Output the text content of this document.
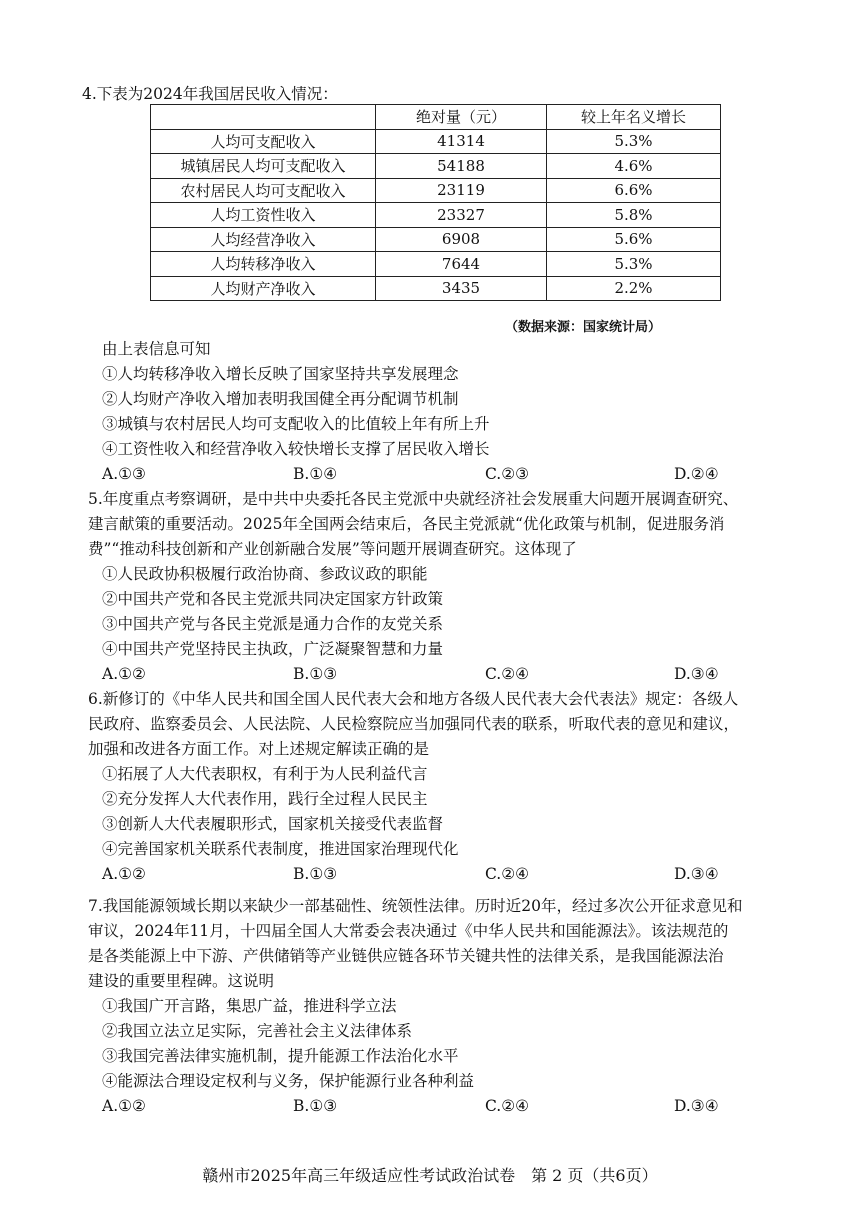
4.下表为2024年我国居民收入情况：
	绝对量（元）	较上年名义增长
人均可支配收入	41314	5.3%
城镇居民人均可支配收入	54188	4.6%
农村居民人均可支配收入	23119	6.6%
人均工资性收入	23327	5.8%
人均经营净收入	6908	5.6%
人均转移净收入	7644	5.3%
人均财产净收入	3435	2.2%
（数据来源：国家统计局）
由上表信息可知
①人均转移净收入增长反映了国家坚持共享发展理念
②人均财产净收入增加表明我国健全再分配调节机制
③城镇与农村居民人均可支配收入的比值较上年有所上升
④工资性收入和经营净收入较快增长支撑了居民收入增长
A.①③	B.①④	C.②③	D.②④
5.年度重点考察调研，是中共中央委托各民主党派中央就经济社会发展重大问题开展调查研究、
建言献策的重要活动。2025年全国两会结束后，各民主党派就“优化政策与机制，促进服务消
费”“推动科技创新和产业创新融合发展”等问题开展调查研究。这体现了
①人民政协积极履行政治协商、参政议政的职能
②中国共产党和各民主党派共同决定国家方针政策
③中国共产党与各民主党派是通力合作的友党关系
④中国共产党坚持民主执政，广泛凝聚智慧和力量
A.①②	B.①③	C.②④	D.③④
6.新修订的《中华人民共和国全国人民代表大会和地方各级人民代表大会代表法》规定：各级人
民政府、监察委员会、人民法院、人民检察院应当加强同代表的联系，听取代表的意见和建议，
加强和改进各方面工作。对上述规定解读正确的是
①拓展了人大代表职权，有利于为人民利益代言
②充分发挥人大代表作用，践行全过程人民民主
③创新人大代表履职形式，国家机关接受代表监督
④完善国家机关联系代表制度，推进国家治理现代化
A.①②	B.①③	C.②④	D.③④
7.我国能源领域长期以来缺少一部基础性、统领性法律。历时近20年，经过多次公开征求意见和
审议，2024年11月，十四届全国人大常委会表决通过《中华人民共和国能源法》。该法规范的
是各类能源上中下游、产供储销等产业链供应链各环节关键共性的法律关系，是我国能源法治
建设的重要里程碑。这说明
①我国广开言路，集思广益，推进科学立法
②我国立法立足实际，完善社会主义法律体系
③我国完善法律实施机制，提升能源工作法治化水平
④能源法合理设定权利与义务，保护能源行业各种利益
A.①②	B.①③	C.②④	D.③④
赣州市2025年高三年级适应性考试政治试卷　第 2 页（共6页）
